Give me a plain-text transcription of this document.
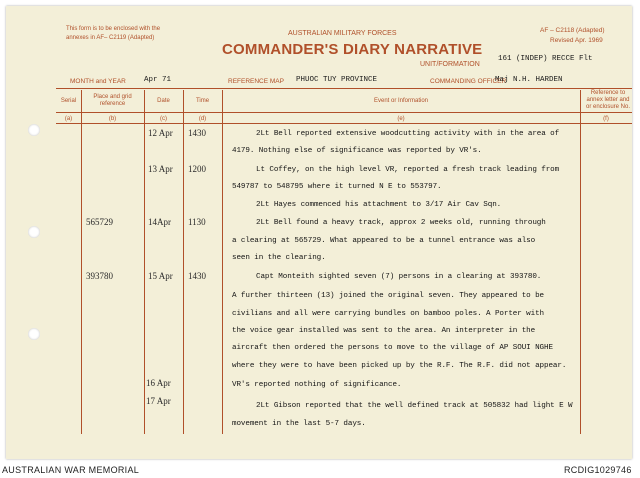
This form is to be enclosed with the
annexes in AF– C2119 (Adapted)
AUSTRALIAN MILITARY FORCES
COMMANDER'S DIARY NARRATIVE
AF – C2118 (Adapted)
Revised Apr. 1969
UNIT/FORMATION
161 (INDEP) RECCE Flt
MONTH and YEAR Apr 71	REFERENCE MAP PHUOC TUY PROVINCE	COMMANDING OFFICER
Maj N.H. HARDEN
Serial
Place and grid
reference	Date	Time	Event or Information
Reference to
annex letter and
or enclosure No.
(a)	(b)	(c)	(d)	(e)	(f)
12 Apr 1430	2Lt Bell reported extensive woodcutting activity with in the area of
4179. Nothing else of significance was reported by VR's.
13 Apr 1200	Lt Coffey, on the high level VR, reported a fresh track leading from
549787 to 548795 where it turned N E to 553797.
2Lt Hayes commenced his attachment to 3/17 Air Cav Sqn.
565729	14Apr 1130	2Lt Bell found a heavy track, approx 2 weeks old, running through
a clearing at 565729. What appeared to be a tunnel entrance was also
seen in the clearing.
393780	15 Apr 1430	Capt Monteith sighted seven (7) persons in a clearing at 393780.
A further thirteen (13) joined the original seven. They appeared to be
civilians and all were carrying bundles on bamboo poles. A Porter with
the voice gear installed was sent to the area. An interpreter in the
aircraft then ordered the persons to move to the village of AP SOUI NGHE
where they were to have been picked up by the R.F. The R.F. did not appear.
16 Apr	VR's reported nothing of significance.
17 Apr	2Lt Gibson reported that the well defined track at 505832 had light E W
movement in the last 5-7 days.
AUSTRALIAN WAR MEMORIAL	RCDIG1029746
